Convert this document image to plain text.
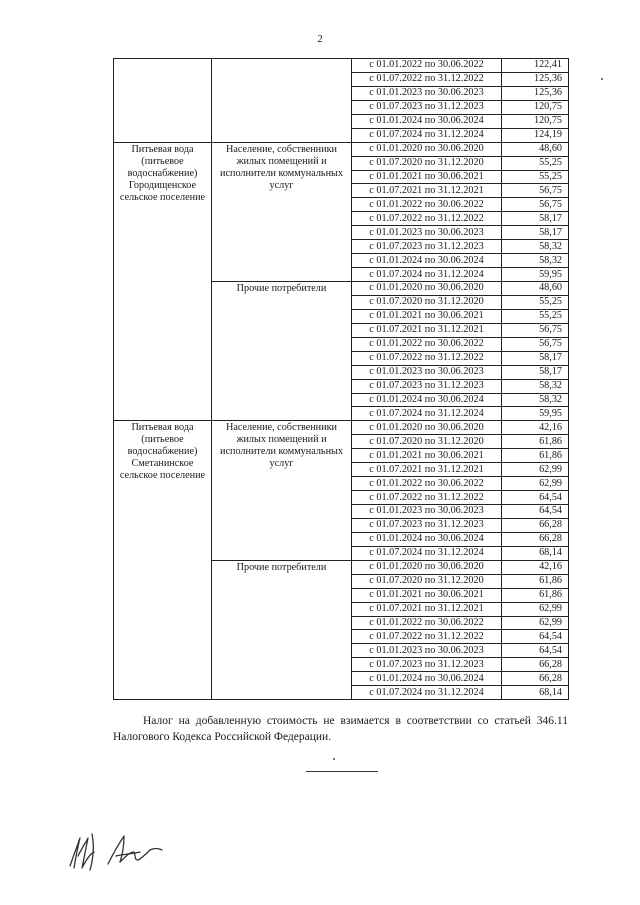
2
		с 01.01.2022 по 30.06.2022	122,41
		с 01.07.2022 по 31.12.2022	125,36
		с 01.01.2023 по 30.06.2023	125,36
		с 01.07.2023 по 31.12.2023	120,75
		с 01.01.2024 по 30.06.2024	120,75
		с 01.07.2024 по 31.12.2024	124,19
Питьевая вода (питьевое водоснабжение) Городищенское сельское поселение	Население, собственники жилых помещений и исполнители коммунальных услуг	с 01.01.2020 по 30.06.2020	48,60
		с 01.07.2020 по 31.12.2020	55,25
		с 01.01.2021 по 30.06.2021	55,25
		с 01.07.2021 по 31.12.2021	56,75
		с 01.01.2022 по 30.06.2022	56,75
		с 01.07.2022 по 31.12.2022	58,17
		с 01.01.2023 по 30.06.2023	58,17
		с 01.07.2023 по 31.12.2023	58,32
		с 01.01.2024 по 30.06.2024	58,32
		с 01.07.2024 по 31.12.2024	59,95
	Прочие потребители	с 01.01.2020 по 30.06.2020	48,60
		с 01.07.2020 по 31.12.2020	55,25
		с 01.01.2021 по 30.06.2021	55,25
		с 01.07.2021 по 31.12.2021	56,75
		с 01.01.2022 по 30.06.2022	56,75
		с 01.07.2022 по 31.12.2022	58,17
		с 01.01.2023 по 30.06.2023	58,17
		с 01.07.2023 по 31.12.2023	58,32
		с 01.01.2024 по 30.06.2024	58,32
		с 01.07.2024 по 31.12.2024	59,95
Питьевая вода (питьевое водоснабжение) Сметанинское сельское поселение	Население, собственники жилых помещений и исполнители коммунальных услуг	с 01.01.2020 по 30.06.2020	42,16
		с 01.07.2020 по 31.12.2020	61,86
		с 01.01.2021 по 30.06.2021	61,86
		с 01.07.2021 по 31.12.2021	62,99
		с 01.01.2022 по 30.06.2022	62,99
		с 01.07.2022 по 31.12.2022	64,54
		с 01.01.2023 по 30.06.2023	64,54
		с 01.07.2023 по 31.12.2023	66,28
		с 01.01.2024 по 30.06.2024	66,28
		с 01.07.2024 по 31.12.2024	68,14
	Прочие потребители	с 01.01.2020 по 30.06.2020	42,16
		с 01.07.2020 по 31.12.2020	61,86
		с 01.01.2021 по 30.06.2021	61,86
		с 01.07.2021 по 31.12.2021	62,99
		с 01.01.2022 по 30.06.2022	62,99
		с 01.07.2022 по 31.12.2022	64,54
		с 01.01.2023 по 30.06.2023	64,54
		с 01.07.2023 по 31.12.2023	66,28
		с 01.01.2024 по 30.06.2024	66,28
		с 01.07.2024 по 31.12.2024	68,14
Налог на добавленную стоимость не взимается в соответствии со статьей 346.11
Налогового Кодекса Российской Федерации.
